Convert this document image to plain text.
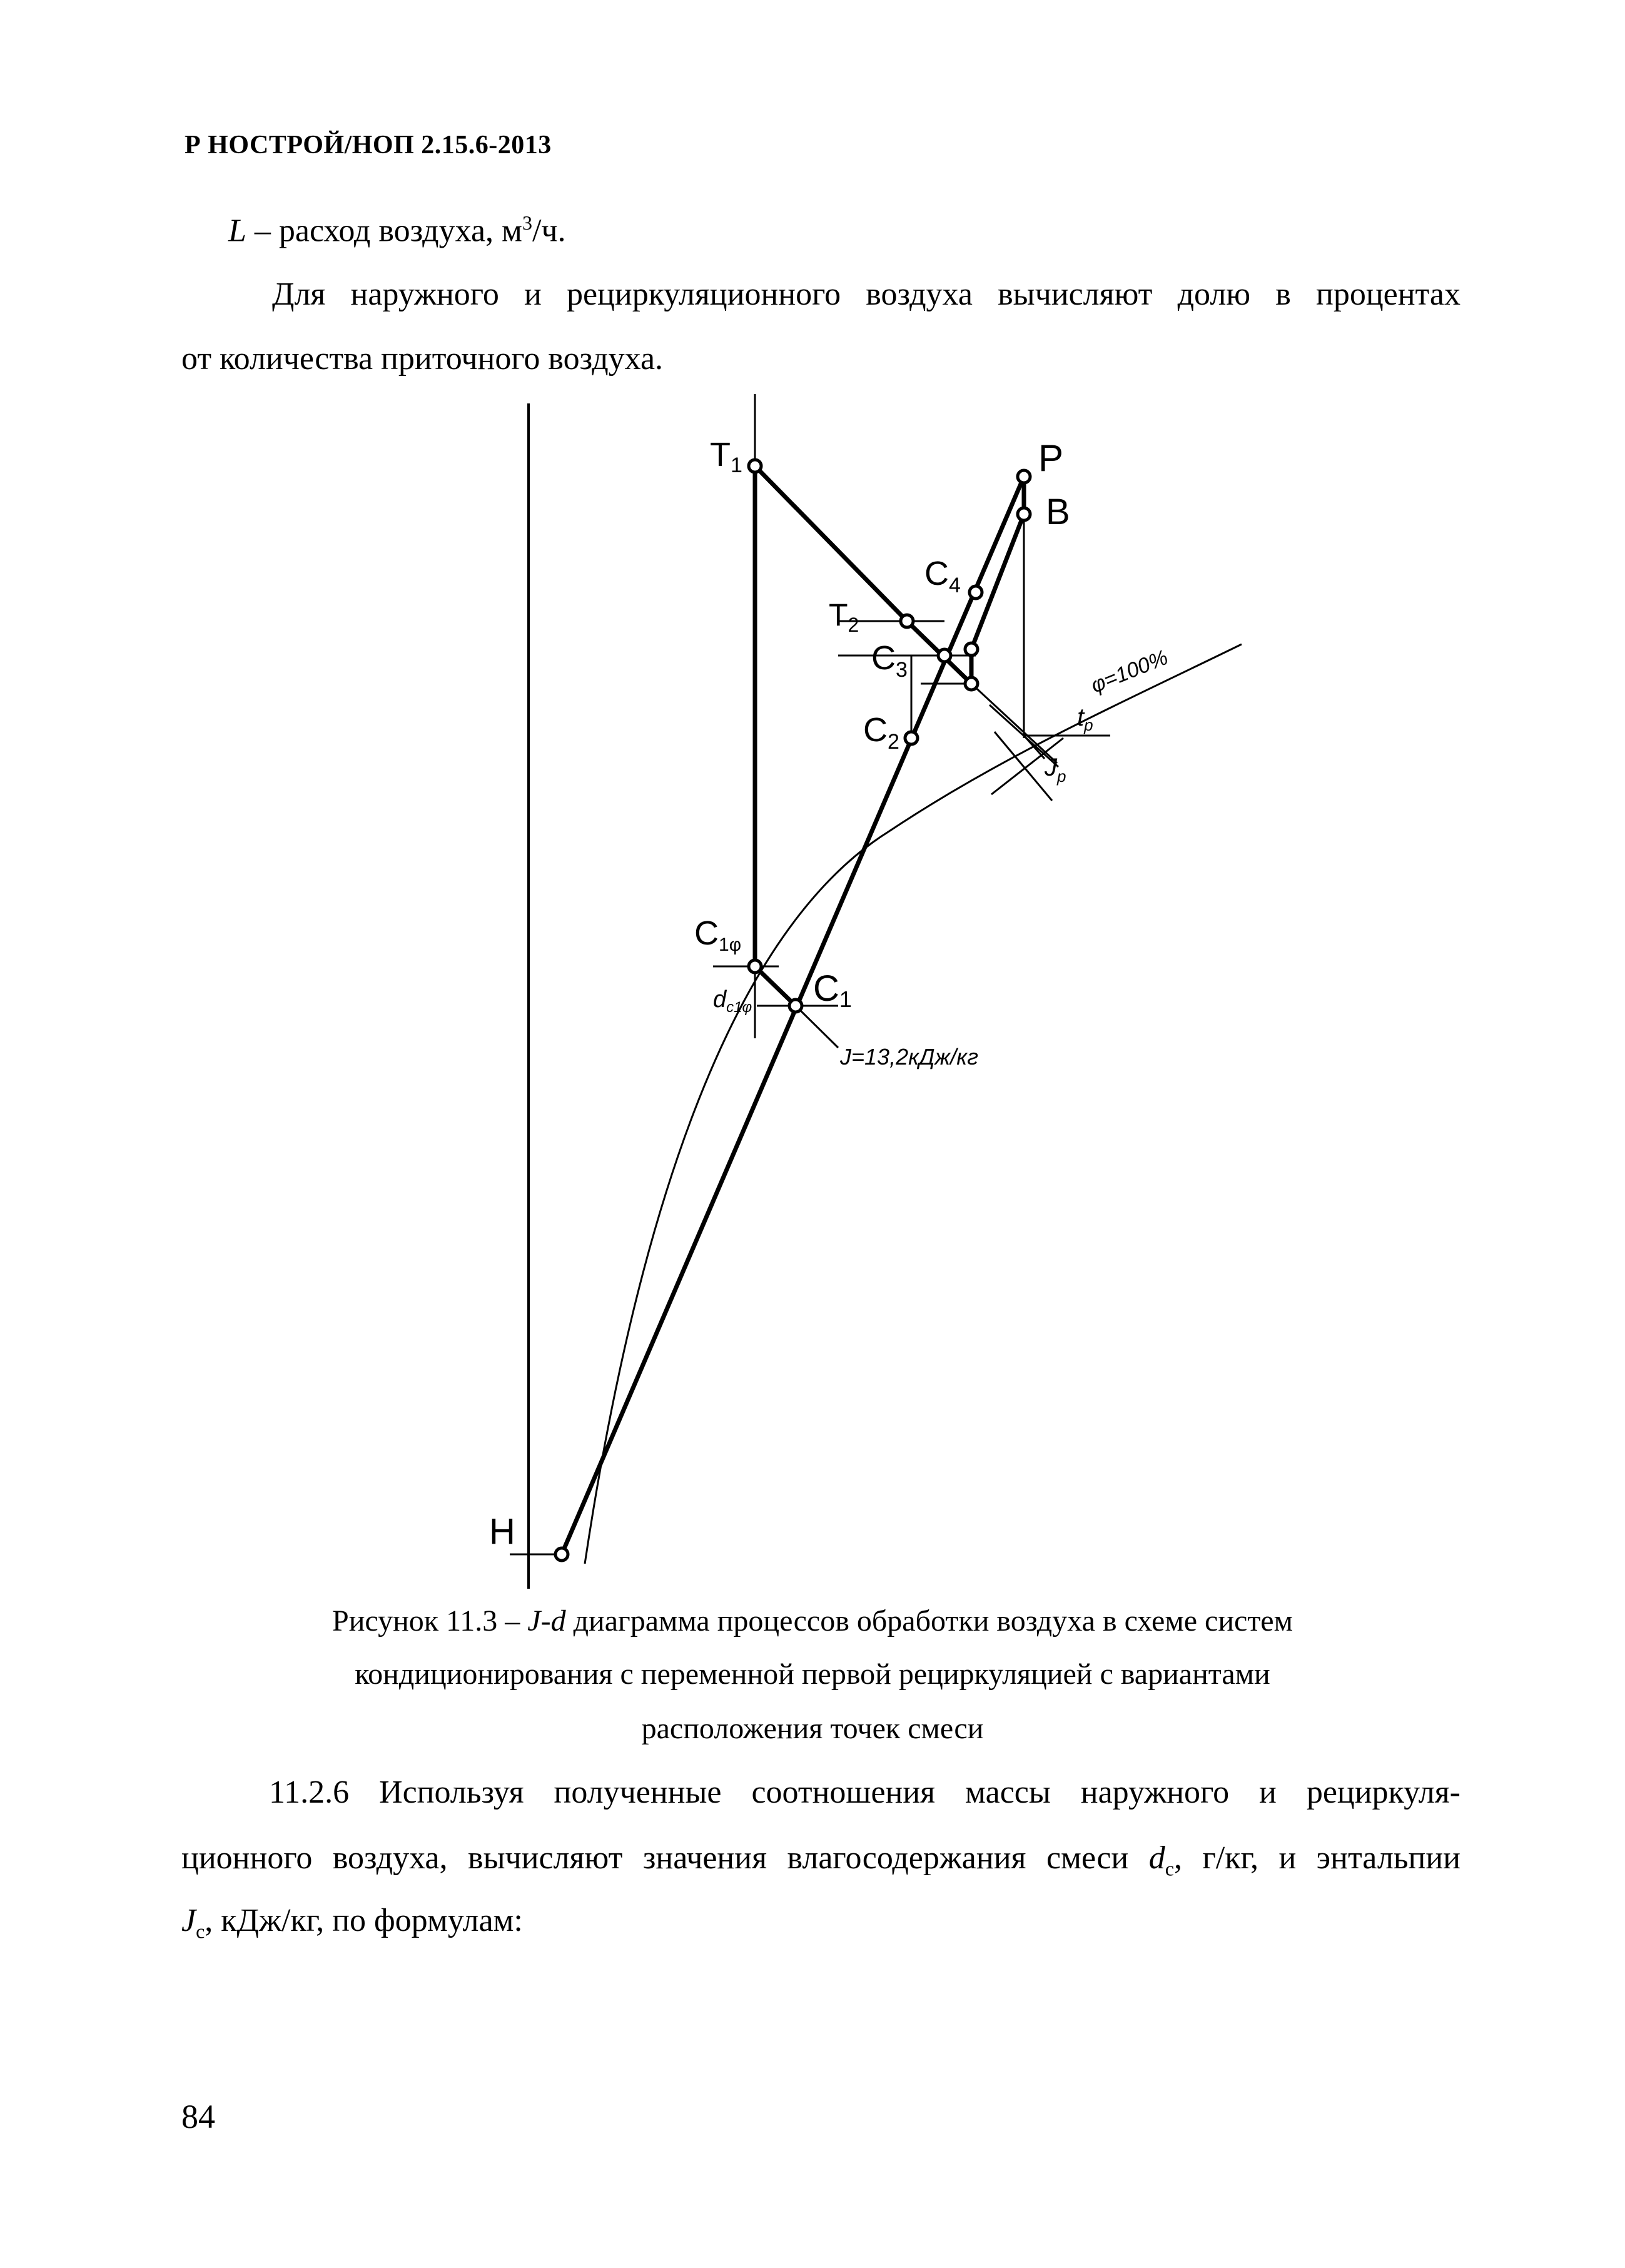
Р НОСТРОЙ/НОП 2.15.6-2013
L – расход воздуха, $м^3/ч$.
Для наружного и рециркуляционного воздуха вычисляют долю в процентах
от количества приточного воздуха.
T1	P
B
$C_4$
$T_2$
$C_3$
$C_2$
φ=100%
$t_p$
$J_p$
C1φ
$d_{c1\varphi}$ C1
J=13,2кДж/кг
H
Рисунок 11.3 – J-d диаграмма процессов обработки воздуха в схеме систем
кондиционирования с переменной первой рециркуляцией с вариантами
расположения точек смеси
11.2.6 Используя полученные соотношения массы наружного и рециркуля-
ционного воздуха, вычисляют значения влагосодержания смеси $d_с$, г/кг, и энтальпии
$J_с$, кДж/кг, по формулам:
84
